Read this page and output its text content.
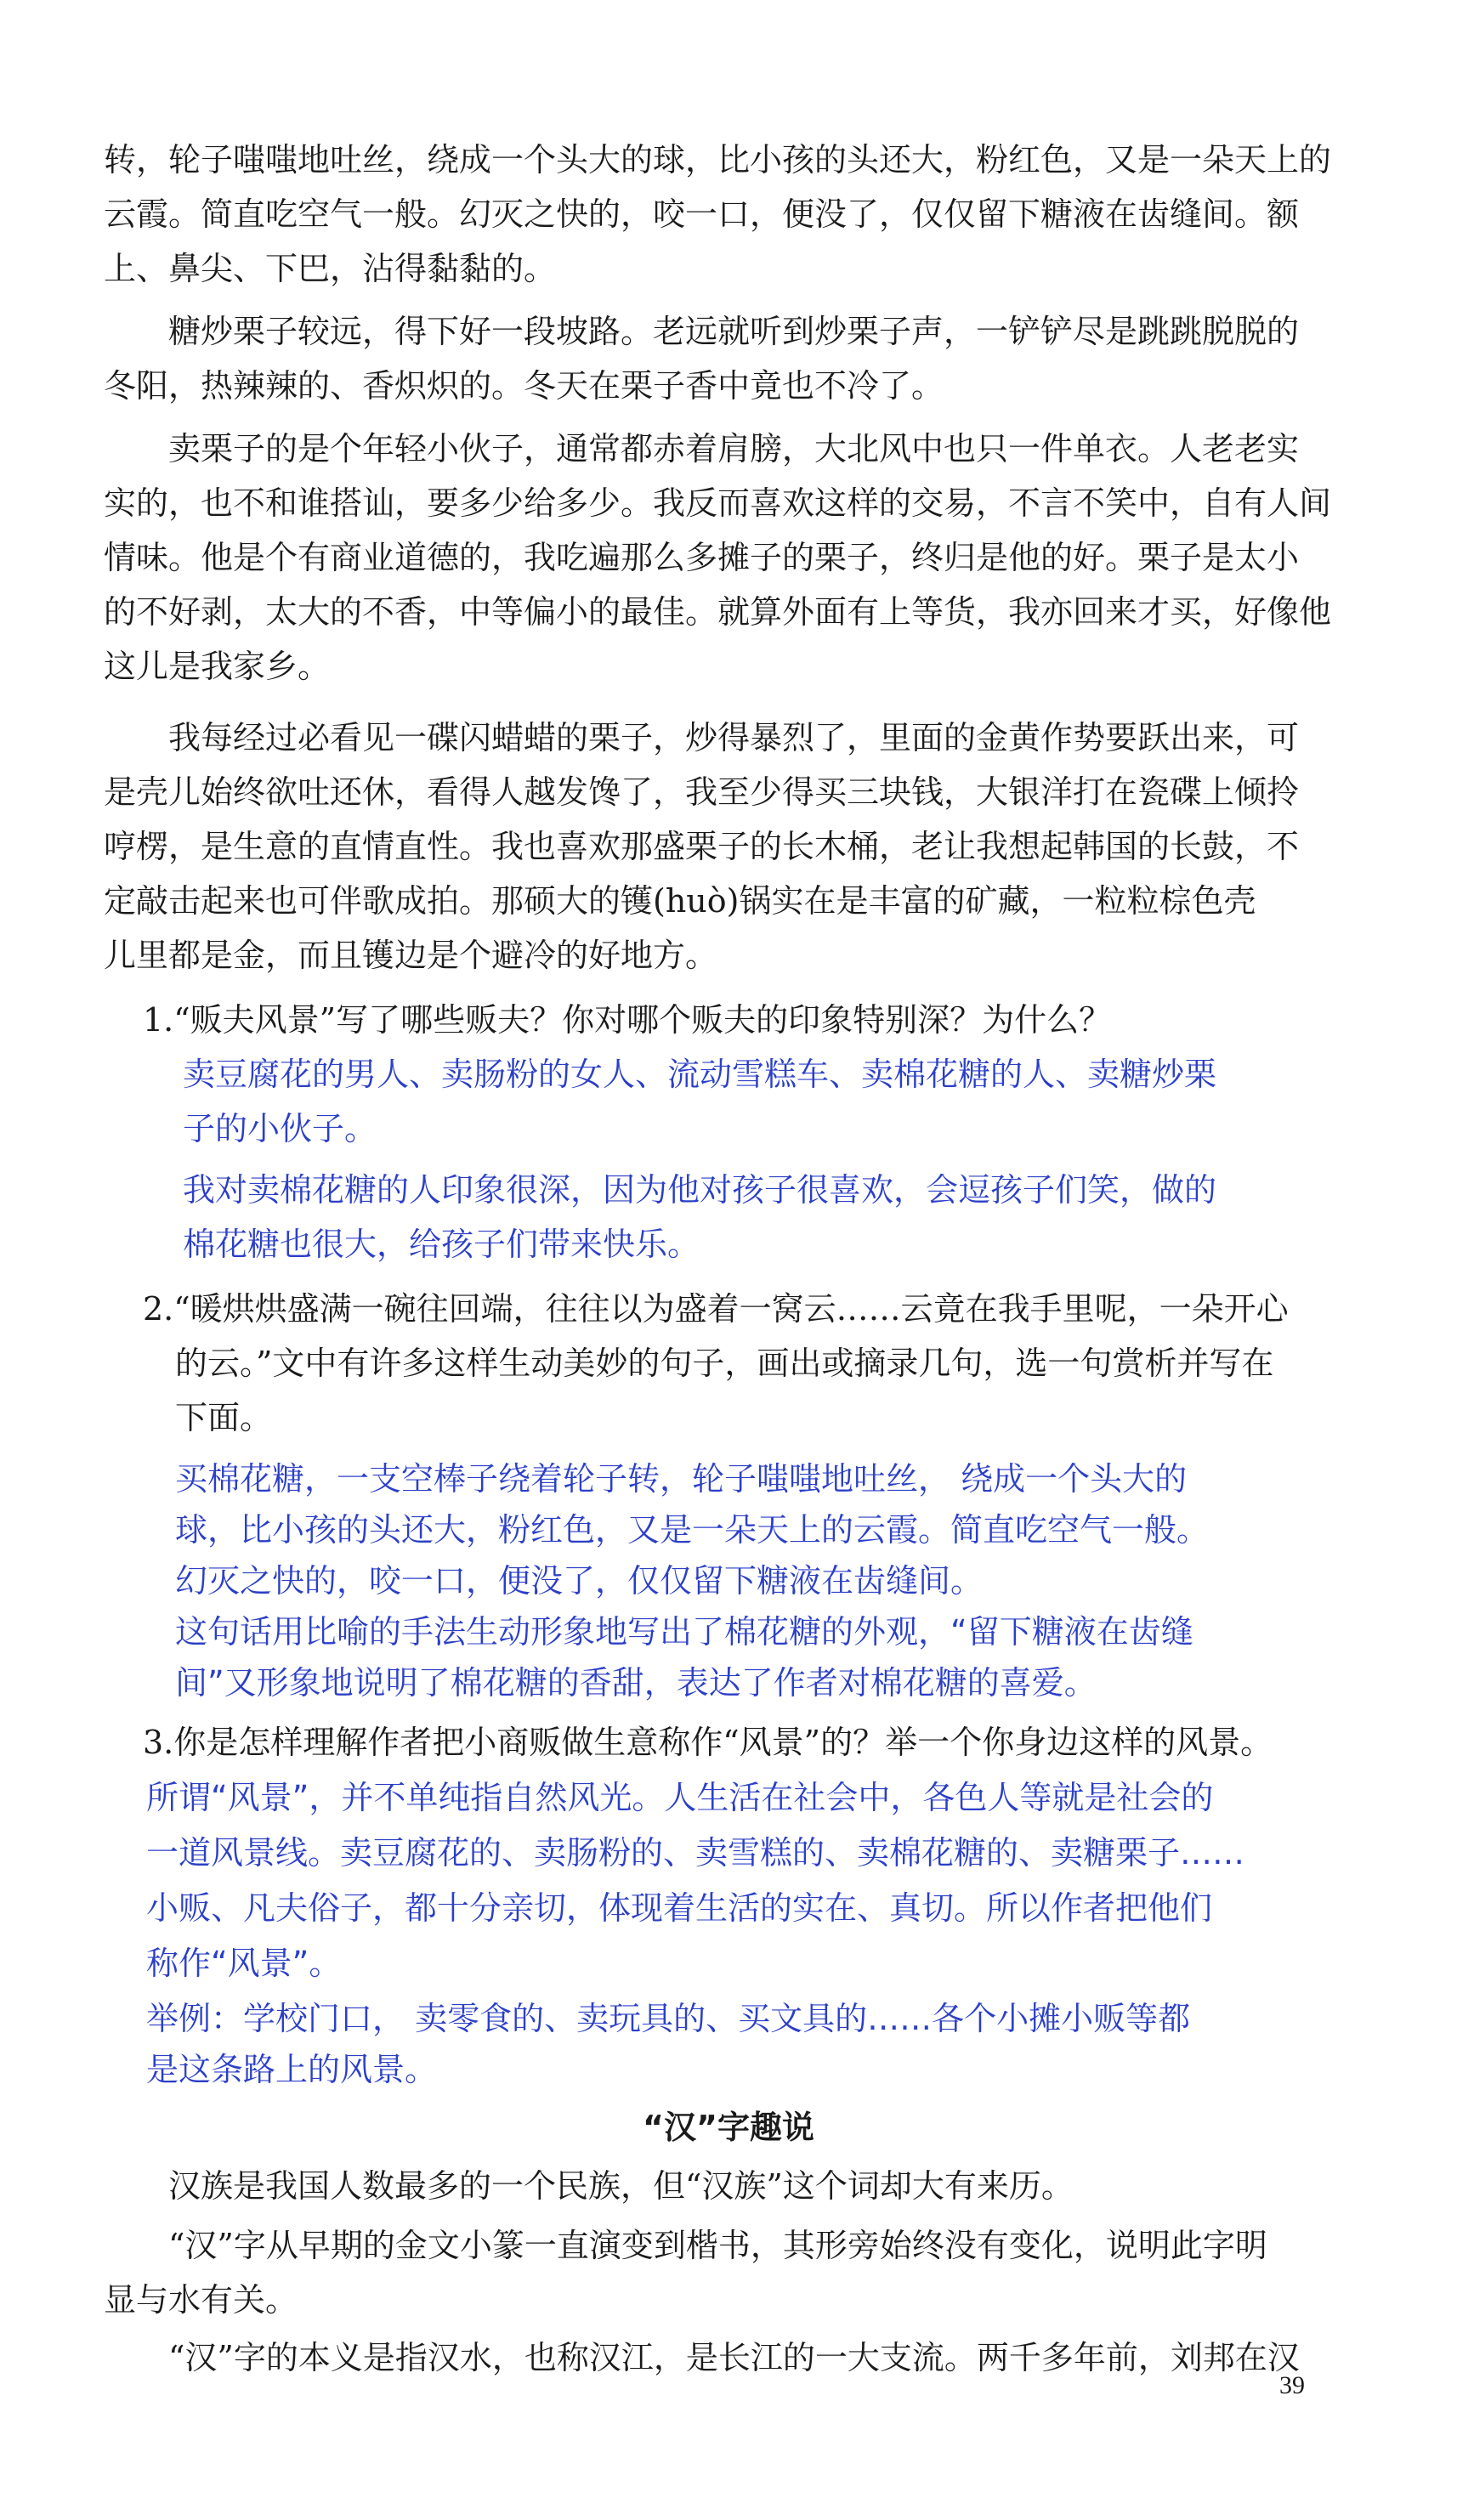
转，轮子嗤嗤地吐丝，绕成一个头大的球，比小孩的头还大，粉红色，又是一朵天上的
云霞。简直吃空气一般。幻灭之快的，咬一口，便没了，仅仅留下糖液在齿缝间。额
上、鼻尖、下巴，沾得黏黏的。
糖炒栗子较远，得下好一段坡路。老远就听到炒栗子声，一铲铲尽是跳跳脱脱的
冬阳，热辣辣的、香炽炽的。冬天在栗子香中竟也不冷了。
卖栗子的是个年轻小伙子，通常都赤着肩膀，大北风中也只一件单衣。人老老实
实的，也不和谁搭讪，要多少给多少。我反而喜欢这样的交易，不言不笑中，自有人间
情味。他是个有商业道德的，我吃遍那么多摊子的栗子，终归是他的好。栗子是太小
的不好剥，太大的不香，中等偏小的最佳。就算外面有上等货，我亦回来才买，好像他
这儿是我家乡。
我每经过必看见一碟闪蜡蜡的栗子，炒得暴烈了，里面的金黄作势要跃出来，可
是壳儿始终欲吐还休，看得人越发馋了，我至少得买三块钱，大银洋打在瓷碟上倾拎
哼楞，是生意的直情直性。我也喜欢那盛栗子的长木桶，老让我想起韩国的长鼓，不
定敲击起来也可伴歌成拍。那硕大的镬(huò)锅实在是丰富的矿藏，一粒粒棕色壳
儿里都是金，而且镬边是个避冷的好地方。
1.“贩夫风景”写了哪些贩夫？你对哪个贩夫的印象特别深？为什么？
卖豆腐花的男人、卖肠粉的女人、流动雪糕车、卖棉花糖的人、卖糖炒栗
子的小伙子。
我对卖棉花糖的人印象很深，因为他对孩子很喜欢，会逗孩子们笑，做的
棉花糖也很大，给孩子们带来快乐。
2.“暖烘烘盛满一碗往回端，往往以为盛着一窝云……云竟在我手里呢，一朵开心
的云。”文中有许多这样生动美妙的句子，画出或摘录几句，选一句赏析并写在
下面。
买棉花糖，一支空棒子绕着轮子转，轮子嗤嗤地吐丝， 绕成一个头大的
球，比小孩的头还大，粉红色，又是一朵天上的云霞。简直吃空气一般。
幻灭之快的，咬一口，便没了，仅仅留下糖液在齿缝间。
这句话用比喻的手法生动形象地写出了棉花糖的外观，“留下糖液在齿缝
间”又形象地说明了棉花糖的香甜，表达了作者对棉花糖的喜爱。
3.你是怎样理解作者把小商贩做生意称作“风景”的？举一个你身边这样的风景。
所谓“风景”，并不单纯指自然风光。人生活在社会中，各色人等就是社会的
一道风景线。卖豆腐花的、卖肠粉的、卖雪糕的、卖棉花糖的、卖糖栗子……
小贩、凡夫俗子，都十分亲切，体现着生活的实在、真切。所以作者把他们
称作“风景”。
举例：学校门口， 卖零食的、卖玩具的、买文具的……各个小摊小贩等都
是这条路上的风景。
“汉”字趣说
汉族是我国人数最多的一个民族，但“汉族”这个词却大有来历。
“汉”字从早期的金文小篆一直演变到楷书，其形旁始终没有变化，说明此字明
显与水有关。
“汉”字的本义是指汉水，也称汉江，是长江的一大支流。两千多年前，刘邦在汉
39
